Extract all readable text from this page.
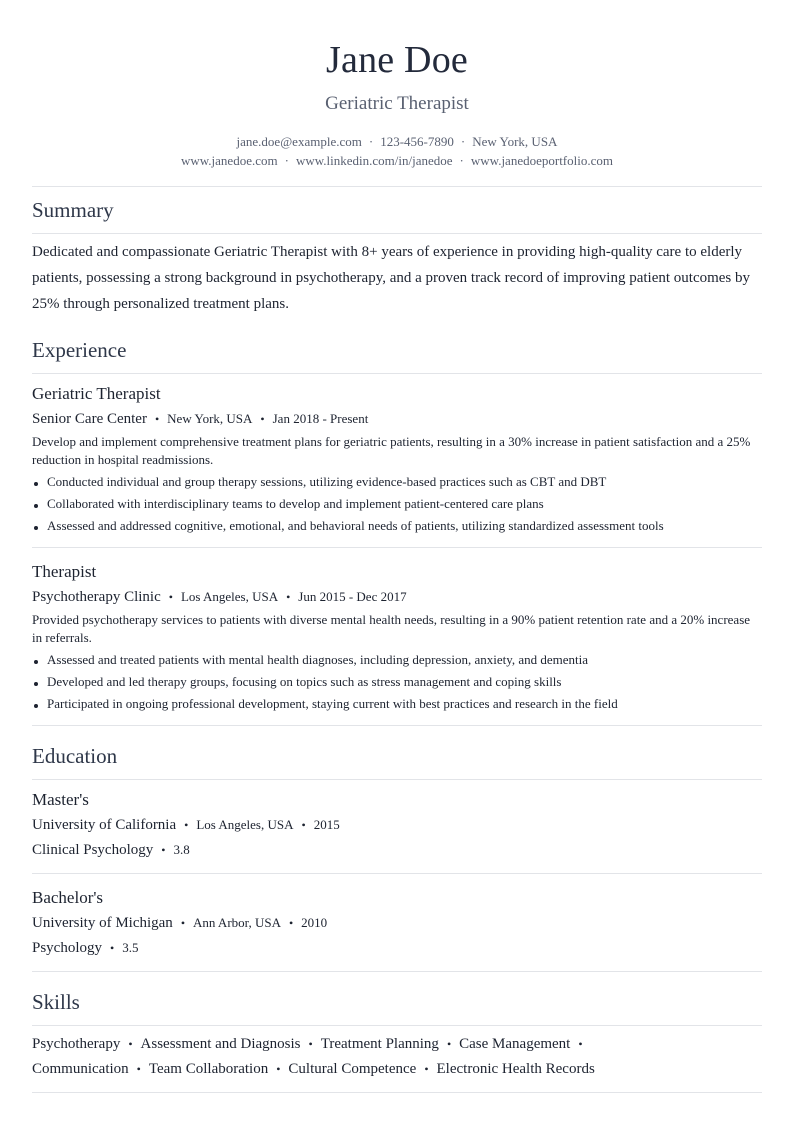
Jane Doe
Geriatric Therapist
jane.doe@example.com · 123-456-7890 · New York, USA
www.janedoe.com · www.linkedin.com/in/janedoe · www.janedoeportfolio.com
Summary
Dedicated and compassionate Geriatric Therapist with 8+ years of experience in providing high-quality care to elderly patients, possessing a strong background in psychotherapy, and a proven track record of improving patient outcomes by 25% through personalized treatment plans.
Experience
Geriatric Therapist
Senior Care Center • New York, USA • Jan 2018 - Present
Develop and implement comprehensive treatment plans for geriatric patients, resulting in a 30% increase in patient satisfaction and a 25% reduction in hospital readmissions.
Conducted individual and group therapy sessions, utilizing evidence-based practices such as CBT and DBT
Collaborated with interdisciplinary teams to develop and implement patient-centered care plans
Assessed and addressed cognitive, emotional, and behavioral needs of patients, utilizing standardized assessment tools
Therapist
Psychotherapy Clinic • Los Angeles, USA • Jun 2015 - Dec 2017
Provided psychotherapy services to patients with diverse mental health needs, resulting in a 90% patient retention rate and a 20% increase in referrals.
Assessed and treated patients with mental health diagnoses, including depression, anxiety, and dementia
Developed and led therapy groups, focusing on topics such as stress management and coping skills
Participated in ongoing professional development, staying current with best practices and research in the field
Education
Master's
University of California • Los Angeles, USA • 2015
Clinical Psychology • 3.8
Bachelor's
University of Michigan • Ann Arbor, USA • 2010
Psychology • 3.5
Skills
Psychotherapy • Assessment and Diagnosis • Treatment Planning • Case Management •
Communication • Team Collaboration • Cultural Competence • Electronic Health Records
